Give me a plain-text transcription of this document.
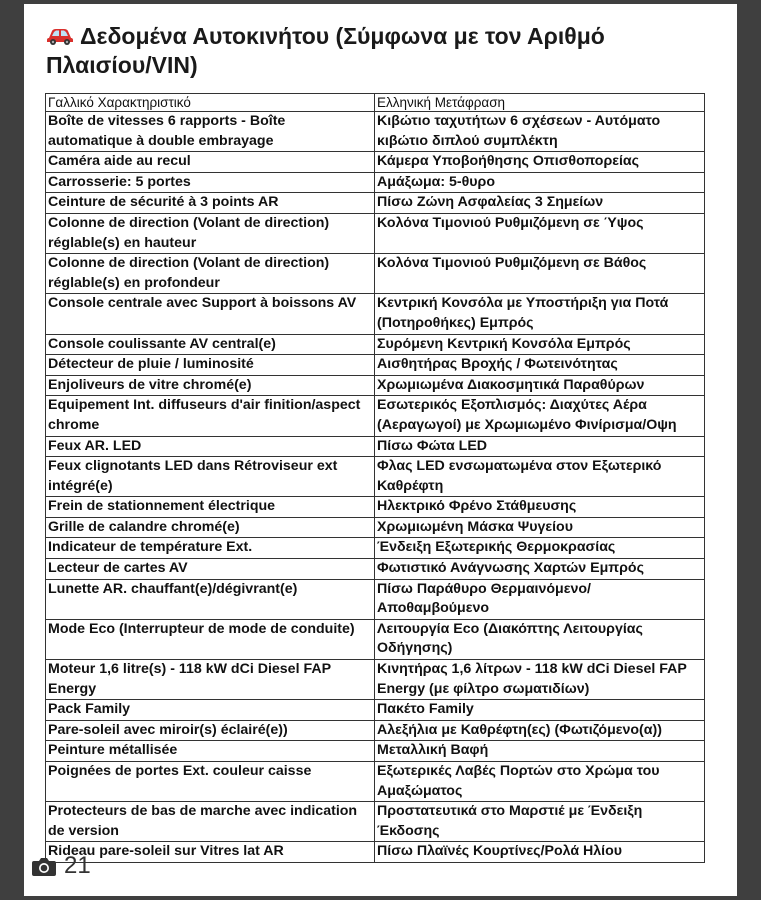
Δεδομένα Αυτοκινήτου (Σύμφωνα με τον Αριθμό Πλαισίου/VIN)
Γαλλικό Χαρακτηριστικό	Ελληνική Μετάφραση
Boîte de vitesses 6 rapports - Boîte automatique à double embrayage	Κιβώτιο ταχυτήτων 6 σχέσεων - Αυτόματο κιβώτιο διπλού συμπλέκτη
Caméra aide au recul	Κάμερα Υποβοήθησης Οπισθοπορείας
Carrosserie: 5 portes	Αμάξωμα: 5-θυρο
Ceinture de sécurité à 3 points AR	Πίσω Ζώνη Ασφαλείας 3 Σημείων
Colonne de direction (Volant de direction) réglable(s) en hauteur	Κολόνα Τιμονιού Ρυθμιζόμενη σε Ύψος
Colonne de direction (Volant de direction) réglable(s) en profondeur	Κολόνα Τιμονιού Ρυθμιζόμενη σε Βάθος
Console centrale avec Support à boissons AV	Κεντρική Κονσόλα με Υποστήριξη για Ποτά (Ποτηροθήκες) Εμπρός
Console coulissante AV central(e)	Συρόμενη Κεντρική Κονσόλα Εμπρός
Détecteur de pluie / luminosité	Αισθητήρας Βροχής / Φωτεινότητας
Enjoliveurs de vitre chromé(e)	Χρωμιωμένα Διακοσμητικά Παραθύρων
Equipement Int. diffuseurs d'air finition/aspect chrome	Εσωτερικός Εξοπλισμός: Διαχύτες Αέρα (Αεραγωγοί) με Χρωμιωμένο Φινίρισμα/Οψη
Feux AR. LED	Πίσω Φώτα LED
Feux clignotants LED dans Rétroviseur ext intégré(e)	Φλας LED ενσωματωμένα στον Εξωτερικό Καθρέφτη
Frein de stationnement électrique	Ηλεκτρικό Φρένο Στάθμευσης
Grille de calandre chromé(e)	Χρωμιωμένη Μάσκα Ψυγείου
Indicateur de température Ext.	Ένδειξη Εξωτερικής Θερμοκρασίας
Lecteur de cartes AV	Φωτιστικό Ανάγνωσης Χαρτών Εμπρός
Lunette AR. chauffant(e)/dégivrant(e)	Πίσω Παράθυρο Θερμαινόμενο/Αποθαμβούμενο
Mode Eco (Interrupteur de mode de conduite)	Λειτουργία Eco (Διακόπτης Λειτουργίας Οδήγησης)
Moteur 1,6 litre(s) - 118 kW dCi Diesel FAP Energy	Κινητήρας 1,6 λίτρων - 118 kW dCi Diesel FAP Energy (με φίλτρο σωματιδίων)
Pack Family	Πακέτο Family
Pare-soleil avec miroir(s) éclairé(e))	Αλεξήλια με Καθρέφτη(ες) (Φωτιζόμενο(α))
Peinture métallisée	Μεταλλική Βαφή
Poignées de portes Ext. couleur caisse	Εξωτερικές Λαβές Πορτών στο Χρώμα του Αμαξώματος
Protecteurs de bas de marche avec indication de version	Προστατευτικά στο Μαρστιέ με Ένδειξη Έκδοσης
Rideau pare-soleil sur Vitres lat AR	Πίσω Πλαϊνές Κουρτίνες/Ρολά Ηλίου
21
